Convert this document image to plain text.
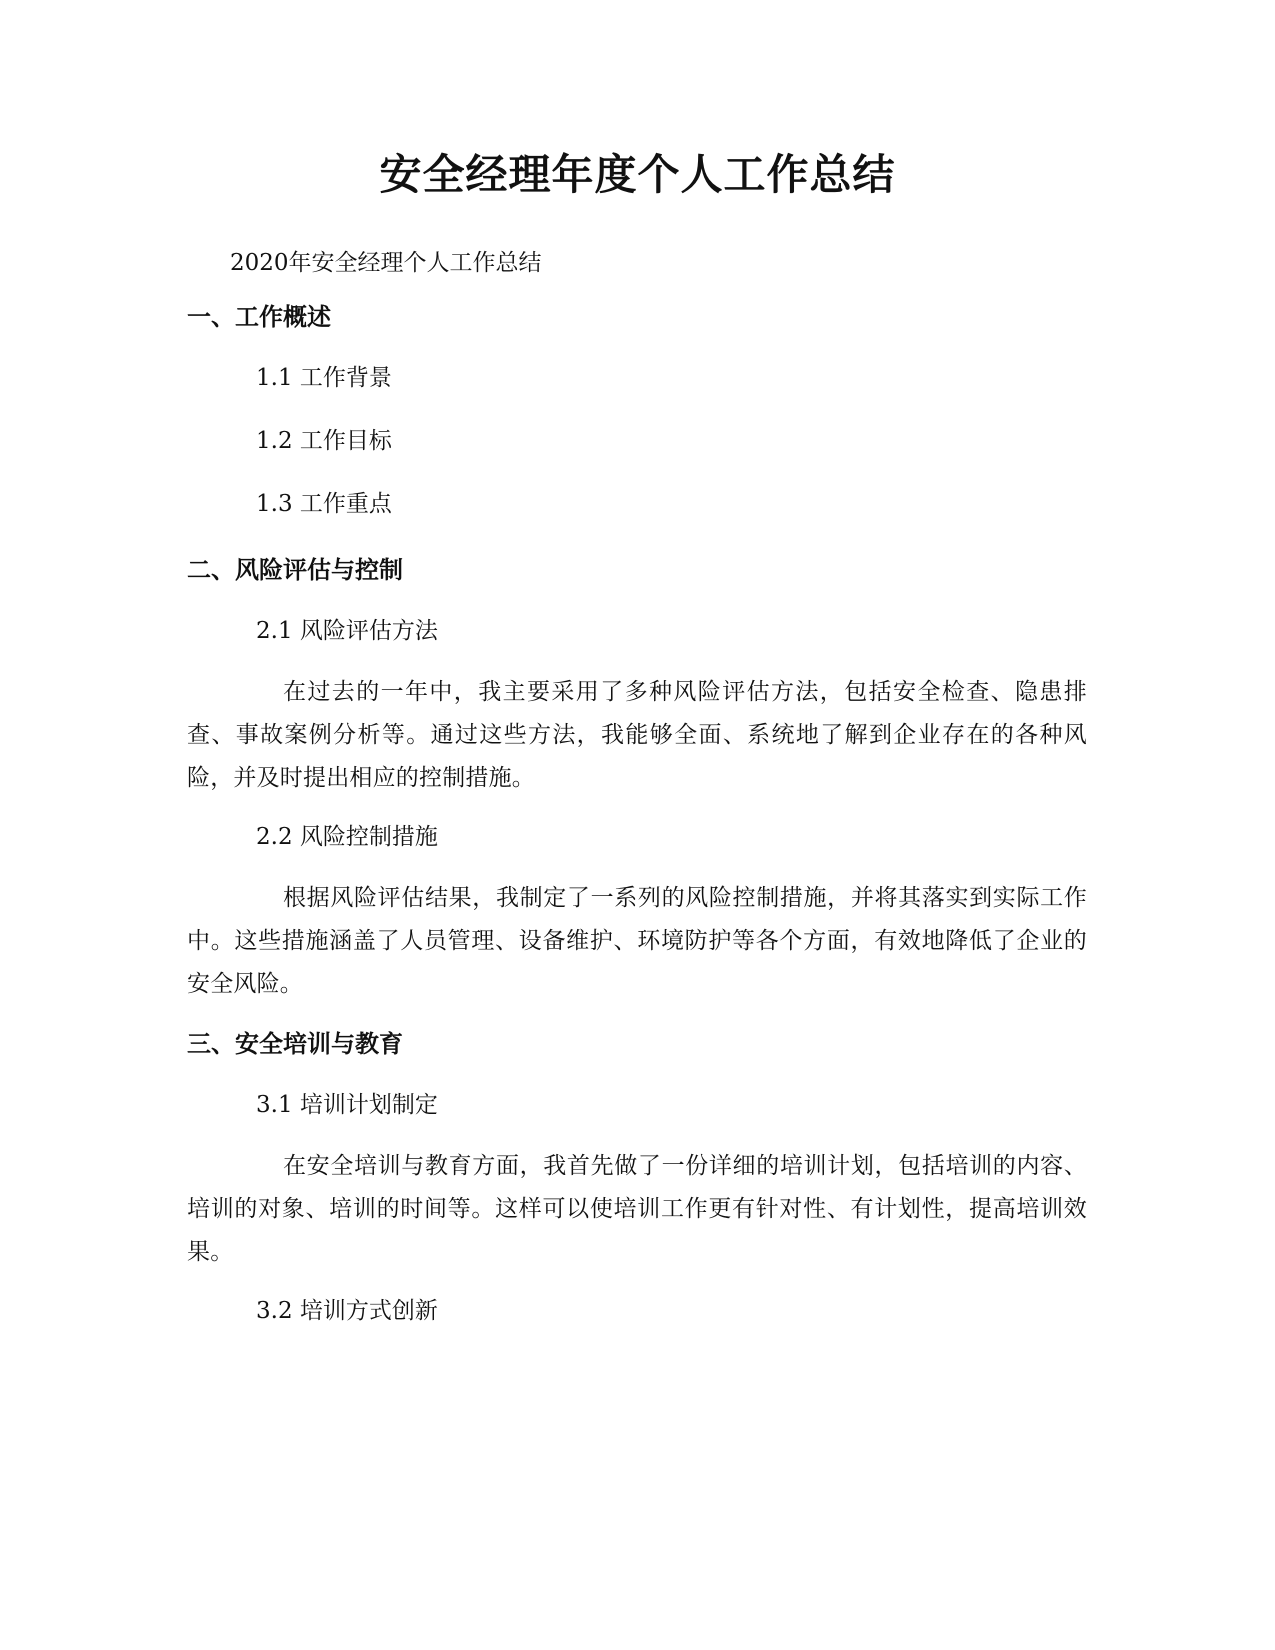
安全经理年度个人工作总结

2020年安全经理个人工作总结

一、工作概述

1.1 工作背景

1.2 工作目标

1.3 工作重点

二、风险评估与控制

2.1 风险评估方法

在过去的一年中，我主要采用了多种风险评估方法，包括安全检查、隐患排查、事故案例分析等。通过这些方法，我能够全面、系统地了解到企业存在的各种风险，并及时提出相应的控制措施。

2.2 风险控制措施

根据风险评估结果，我制定了一系列的风险控制措施，并将其落实到实际工作中。这些措施涵盖了人员管理、设备维护、环境防护等各个方面，有效地降低了企业的安全风险。

三、安全培训与教育

3.1 培训计划制定

在安全培训与教育方面，我首先做了一份详细的培训计划，包括培训的内容、培训的对象、培训的时间等。这样可以使培训工作更有针对性、有计划性，提高培训效果。

3.2 培训方式创新
